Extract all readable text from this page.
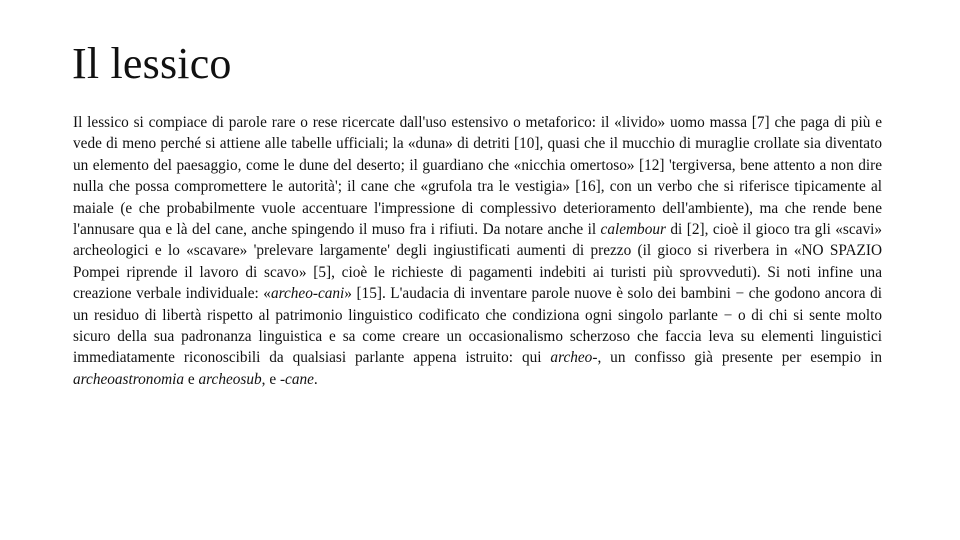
Il lessico

Il lessico si compiace di parole rare o rese ricercate dall'uso estensivo o metaforico: il «livido» uomo massa [7] che paga di più e vede di meno perché si attiene alle tabelle ufficiali; la «duna» di detriti [10], quasi che il mucchio di muraglie crollate sia diventato un elemento del paesaggio, come le dune del deserto; il guardiano che «nicchia omertoso» [12] 'tergiversa, bene attento a non dire nulla che possa compromettere le autorità'; il cane che «grufola tra le vestigia» [16], con un verbo che si riferisce tipicamente al maiale (e che probabilmente vuole accentuare l'impressione di complessivo deterioramento dell'ambiente), ma che rende bene l'annusare qua e là del cane, anche spingendo il muso fra i rifiuti. Da notare anche il calembour di [2], cioè il gioco tra gli «scavi» archeologici e lo «scavare» 'prelevare largamente' degli ingiustificati aumenti di prezzo (il gioco si riverbera in «NO SPAZIO Pompei riprende il lavoro di scavo» [5], cioè le richieste di pagamenti indebiti ai turisti più sprovveduti). Si noti infine una creazione verbale individuale: «archeo-cani» [15]. L'audacia di inventare parole nuove è solo dei bambini − che godono ancora di un residuo di libertà rispetto al patrimonio linguistico codificato che condiziona ogni singolo parlante − o di chi si sente molto sicuro della sua padronanza linguistica e sa come creare un occasionalismo scherzoso che faccia leva su elementi linguistici immediatamente riconoscibili da qualsiasi parlante appena istruito: qui archeo‑, un confisso già presente per esempio in archeoastronomia e archeosub, e ‑cane.
